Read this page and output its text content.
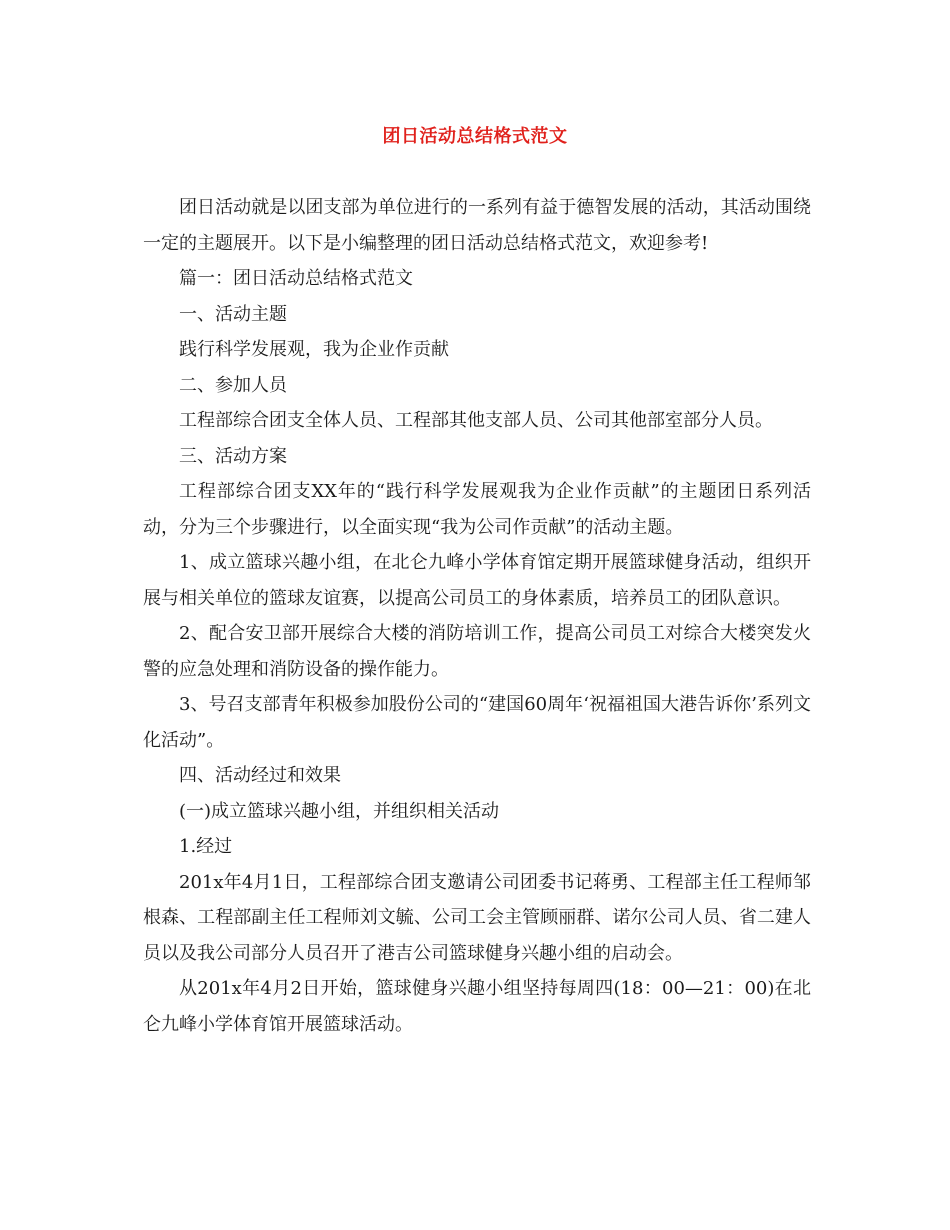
团日活动总结格式范文

团日活动就是以团支部为单位进行的一系列有益于德智发展的活动，其活动围绕一定的主题展开。以下是小编整理的团日活动总结格式范文，欢迎参考!

篇一：团日活动总结格式范文

一、活动主题

践行科学发展观，我为企业作贡献

二、参加人员

工程部综合团支全体人员、工程部其他支部人员、公司其他部室部分人员。

三、活动方案

工程部综合团支XX年的“践行科学发展观我为企业作贡献”的主题团日系列活动，分为三个步骤进行，以全面实现“我为公司作贡献”的活动主题。

1、成立篮球兴趣小组，在北仑九峰小学体育馆定期开展篮球健身活动，组织开展与相关单位的篮球友谊赛，以提高公司员工的身体素质，培养员工的团队意识。

2、配合安卫部开展综合大楼的消防培训工作，提高公司员工对综合大楼突发火警的应急处理和消防设备的操作能力。

3、号召支部青年积极参加股份公司的“建国60周年‘祝福祖国大港告诉你’系列文化活动”。

四、活动经过和效果

(一)成立篮球兴趣小组，并组织相关活动

1.经过

201x年4月1日，工程部综合团支邀请公司团委书记蒋勇、工程部主任工程师邹根森、工程部副主任工程师刘文毓、公司工会主管顾丽群、诺尔公司人员、省二建人员以及我公司部分人员召开了港吉公司篮球健身兴趣小组的启动会。

从201x年4月2日开始，篮球健身兴趣小组坚持每周四(18：00—21：00)在北仑九峰小学体育馆开展篮球活动。
